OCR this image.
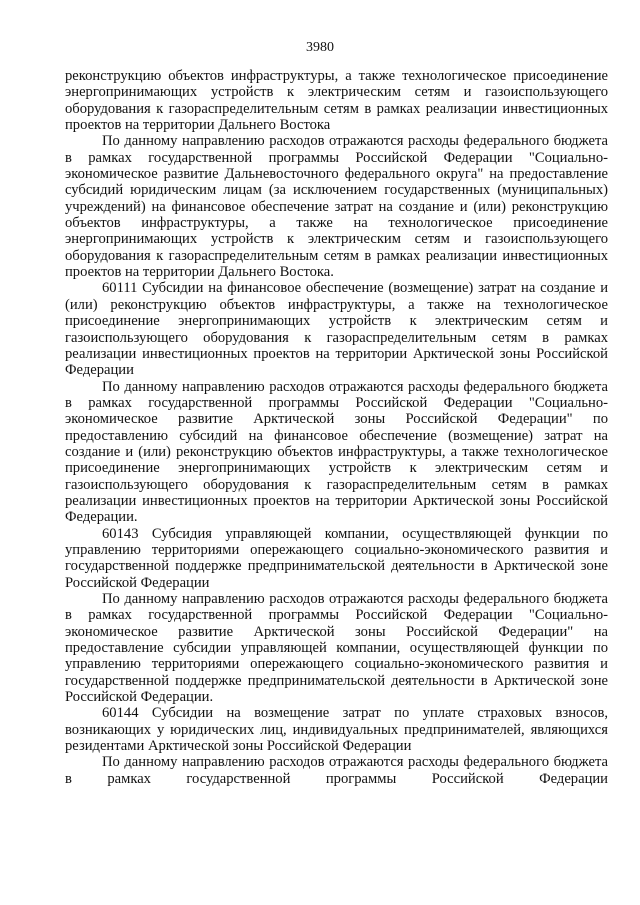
3980

реконструкцию объектов инфраструктуры, а также технологическое присоединение энергопринимающих устройств к электрическим сетям и газоиспользующего оборудования к газораспределительным сетям в рамках реализации инвестиционных проектов на территории Дальнего Востока

По данному направлению расходов отражаются расходы федерального бюджета в рамках государственной программы Российской Федерации "Социально-экономическое развитие Дальневосточного федерального округа" на предоставление субсидий юридическим лицам (за исключением государственных (муниципальных) учреждений) на финансовое обеспечение затрат на создание и (или) реконструкцию объектов инфраструктуры, а также на технологическое присоединение энергопринимающих устройств к электрическим сетям и газоиспользующего оборудования к газораспределительным сетям в рамках реализации инвестиционных проектов на территории Дальнего Востока.

60111 Субсидии на финансовое обеспечение (возмещение) затрат на создание и (или) реконструкцию объектов инфраструктуры, а также на технологическое присоединение энергопринимающих устройств к электрическим сетям и газоиспользующего оборудования к газораспределительным сетям в рамках реализации инвестиционных проектов на территории Арктической зоны Российской Федерации

По данному направлению расходов отражаются расходы федерального бюджета в рамках государственной программы Российской Федерации "Социально-экономическое развитие Арктической зоны Российской Федерации" по предоставлению субсидий на финансовое обеспечение (возмещение) затрат на создание и (или) реконструкцию объектов инфраструктуры, а также технологическое присоединение энергопринимающих устройств к электрическим сетям и газоиспользующего оборудования к газораспределительным сетям в рамках реализации инвестиционных проектов на территории Арктической зоны Российской Федерации.

60143 Субсидия управляющей компании, осуществляющей функции по управлению территориями опережающего социально-экономического развития и государственной поддержке предпринимательской деятельности в Арктической зоне Российской Федерации

По данному направлению расходов отражаются расходы федерального бюджета в рамках государственной программы Российской Федерации "Социально-экономическое развитие Арктической зоны Российской Федерации" на предоставление субсидии управляющей компании, осуществляющей функции по управлению территориями опережающего социально-экономического развития и государственной поддержке предпринимательской деятельности в Арктической зоне Российской Федерации.

60144 Субсидии на возмещение затрат по уплате страховых взносов, возникающих у юридических лиц, индивидуальных предпринимателей, являющихся резидентами Арктической зоны Российской Федерации

По данному направлению расходов отражаются расходы федерального бюджета в рамках государственной программы Российской Федерации
